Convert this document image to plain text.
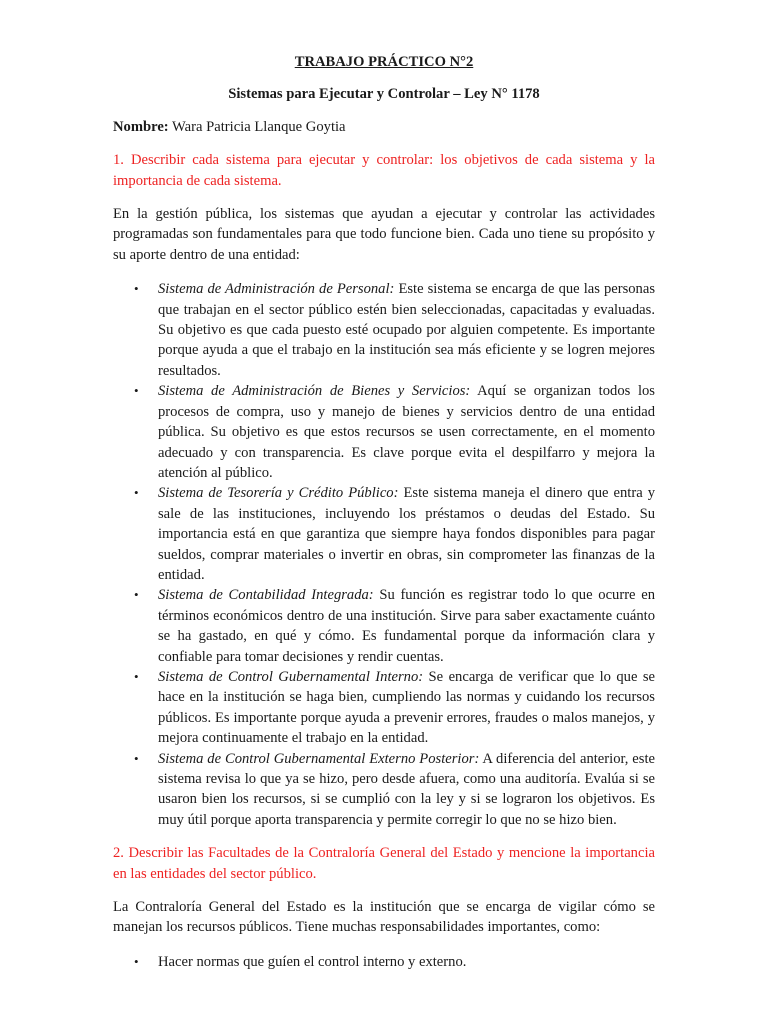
TRABAJO PRÁCTICO N°2

Sistemas para Ejecutar y Controlar – Ley N° 1178

Nombre: Wara Patricia Llanque Goytia

1. Describir cada sistema para ejecutar y controlar: los objetivos de cada sistema y la importancia de cada sistema.

En la gestión pública, los sistemas que ayudan a ejecutar y controlar las actividades programadas son fundamentales para que todo funcione bien. Cada uno tiene su propósito y su aporte dentro de una entidad:

• Sistema de Administración de Personal: Este sistema se encarga de que las personas que trabajan en el sector público estén bien seleccionadas, capacitadas y evaluadas. Su objetivo es que cada puesto esté ocupado por alguien competente. Es importante porque ayuda a que el trabajo en la institución sea más eficiente y se logren mejores resultados.
• Sistema de Administración de Bienes y Servicios: Aquí se organizan todos los procesos de compra, uso y manejo de bienes y servicios dentro de una entidad pública. Su objetivo es que estos recursos se usen correctamente, en el momento adecuado y con transparencia. Es clave porque evita el despilfarro y mejora la atención al público.
• Sistema de Tesorería y Crédito Público: Este sistema maneja el dinero que entra y sale de las instituciones, incluyendo los préstamos o deudas del Estado. Su importancia está en que garantiza que siempre haya fondos disponibles para pagar sueldos, comprar materiales o invertir en obras, sin comprometer las finanzas de la entidad.
• Sistema de Contabilidad Integrada: Su función es registrar todo lo que ocurre en términos económicos dentro de una institución. Sirve para saber exactamente cuánto se ha gastado, en qué y cómo. Es fundamental porque da información clara y confiable para tomar decisiones y rendir cuentas.
• Sistema de Control Gubernamental Interno: Se encarga de verificar que lo que se hace en la institución se haga bien, cumpliendo las normas y cuidando los recursos públicos. Es importante porque ayuda a prevenir errores, fraudes o malos manejos, y mejora continuamente el trabajo en la entidad.
• Sistema de Control Gubernamental Externo Posterior: A diferencia del anterior, este sistema revisa lo que ya se hizo, pero desde afuera, como una auditoría. Evalúa si se usaron bien los recursos, si se cumplió con la ley y si se lograron los objetivos. Es muy útil porque aporta transparencia y permite corregir lo que no se hizo bien.

2. Describir las Facultades de la Contraloría General del Estado y mencione la importancia en las entidades del sector público.

La Contraloría General del Estado es la institución que se encarga de vigilar cómo se manejan los recursos públicos. Tiene muchas responsabilidades importantes, como:

• Hacer normas que guíen el control interno y externo.
